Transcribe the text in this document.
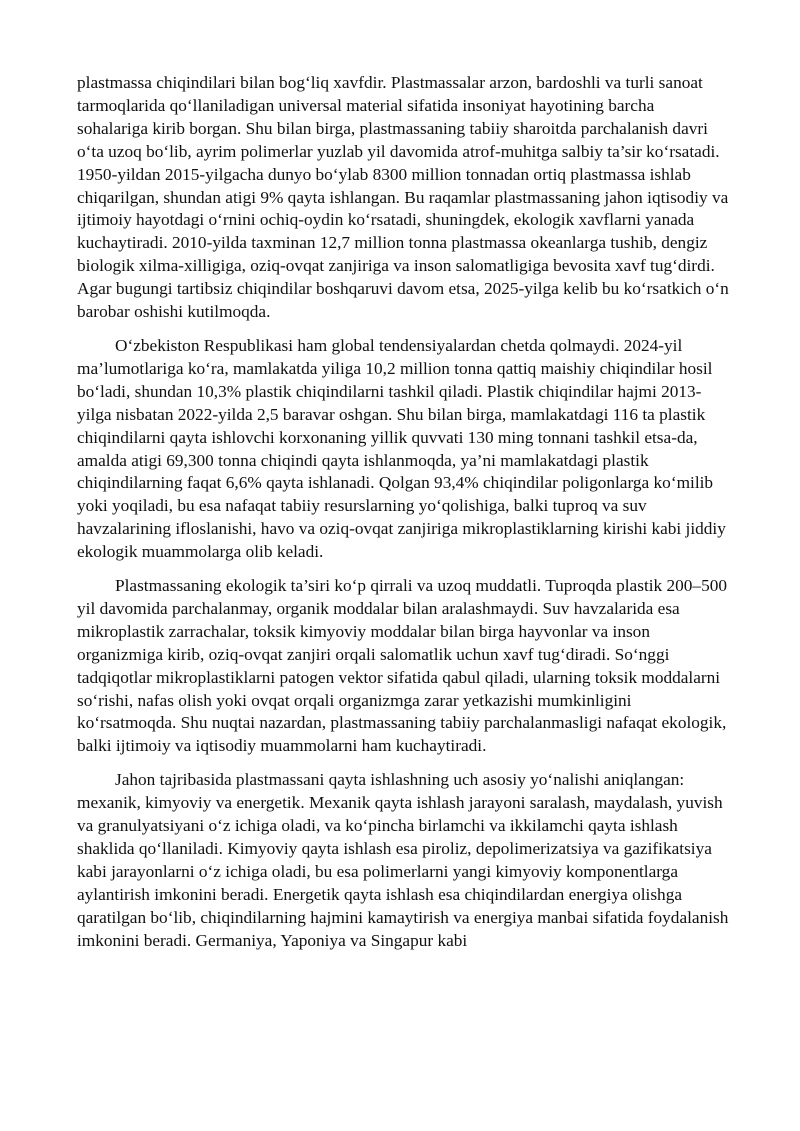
plastmassa chiqindilari bilan bog‘liq xavfdir. Plastmassalar arzon, bardoshli va turli sanoat tarmoqlarida qo‘llaniladigan universal material sifatida insoniyat hayotining barcha sohalariga kirib borgan. Shu bilan birga, plastmassaning tabiiy sharoitda parchalanish davri o‘ta uzoq bo‘lib, ayrim polimerlar yuzlab yil davomida atrof-muhitga salbiy ta’sir ko‘rsatadi. 1950-yildan 2015-yilgacha dunyo bo‘ylab 8300 million tonnadan ortiq plastmassa ishlab chiqarilgan, shundan atigi 9% qayta ishlangan. Bu raqamlar plastmassaning jahon iqtisodiy va ijtimoiy hayotdagi o‘rnini ochiq-oydin ko‘rsatadi, shuningdek, ekologik xavflarni yanada kuchaytiradi. 2010-yilda taxminan 12,7 million tonna plastmassa okeanlarga tushib, dengiz biologik xilma-xilligiga, oziq-ovqat zanjiriga va inson salomatligiga bevosita xavf tug‘dirdi. Agar bugungi tartibsiz chiqindilar boshqaruvi davom etsa, 2025-yilga kelib bu ko‘rsatkich o‘n barobar oshishi kutilmoqda.

O‘zbekiston Respublikasi ham global tendensiyalardan chetda qolmaydi. 2024-yil ma’lumotlariga ko‘ra, mamlakatda yiliga 10,2 million tonna qattiq maishiy chiqindilar hosil bo‘ladi, shundan 10,3% plastik chiqindilarni tashkil qiladi. Plastik chiqindilar hajmi 2013-yilga nisbatan 2022-yilda 2,5 baravar oshgan. Shu bilan birga, mamlakatdagi 116 ta plastik chiqindilarni qayta ishlovchi korxonaning yillik quvvati 130 ming tonnani tashkil etsa-da, amalda atigi 69,300 tonna chiqindi qayta ishlanmoqda, ya’ni mamlakatdagi plastik chiqindilarning faqat 6,6% qayta ishlanadi. Qolgan 93,4% chiqindilar poligonlarga ko‘milib yoki yoqiladi, bu esa nafaqat tabiiy resurslarning yo‘qolishiga, balki tuproq va suv havzalarining ifloslanishi, havo va oziq-ovqat zanjiriga mikroplastiklarning kirishi kabi jiddiy ekologik muammolarga olib keladi.

Plastmassaning ekologik ta’siri ko‘p qirrali va uzoq muddatli. Tuproqda plastik 200–500 yil davomida parchalanmay, organik moddalar bilan aralashmaydi. Suv havzalarida esa mikroplastik zarrachalar, toksik kimyoviy moddalar bilan birga hayvonlar va inson organizmiga kirib, oziq-ovqat zanjiri orqali salomatlik uchun xavf tug‘diradi. So‘nggi tadqiqotlar mikroplastiklarni patogen vektor sifatida qabul qiladi, ularning toksik moddalarni so‘rishi, nafas olish yoki ovqat orqali organizmga zarar yetkazishi mumkinligini ko‘rsatmoqda. Shu nuqtai nazardan, plastmassaning tabiiy parchalanmasligi nafaqat ekologik, balki ijtimoiy va iqtisodiy muammolarni ham kuchaytiradi.

Jahon tajribasida plastmassani qayta ishlashning uch asosiy yo‘nalishi aniqlangan: mexanik, kimyoviy va energetik. Mexanik qayta ishlash jarayoni saralash, maydalash, yuvish va granulyatsiyani o‘z ichiga oladi, va ko‘pincha birlamchi va ikkilamchi qayta ishlash shaklida qo‘llaniladi. Kimyoviy qayta ishlash esa piroliz, depolimerizatsiya va gazifikatsiya kabi jarayonlarni o‘z ichiga oladi, bu esa polimerlarni yangi kimyoviy komponentlarga aylantirish imkonini beradi. Energetik qayta ishlash esa chiqindilardan energiya olishga qaratilgan bo‘lib, chiqindilarning hajmini kamaytirish va energiya manbai sifatida foydalanish imkonini beradi. Germaniya, Yaponiya va Singapur kabi
